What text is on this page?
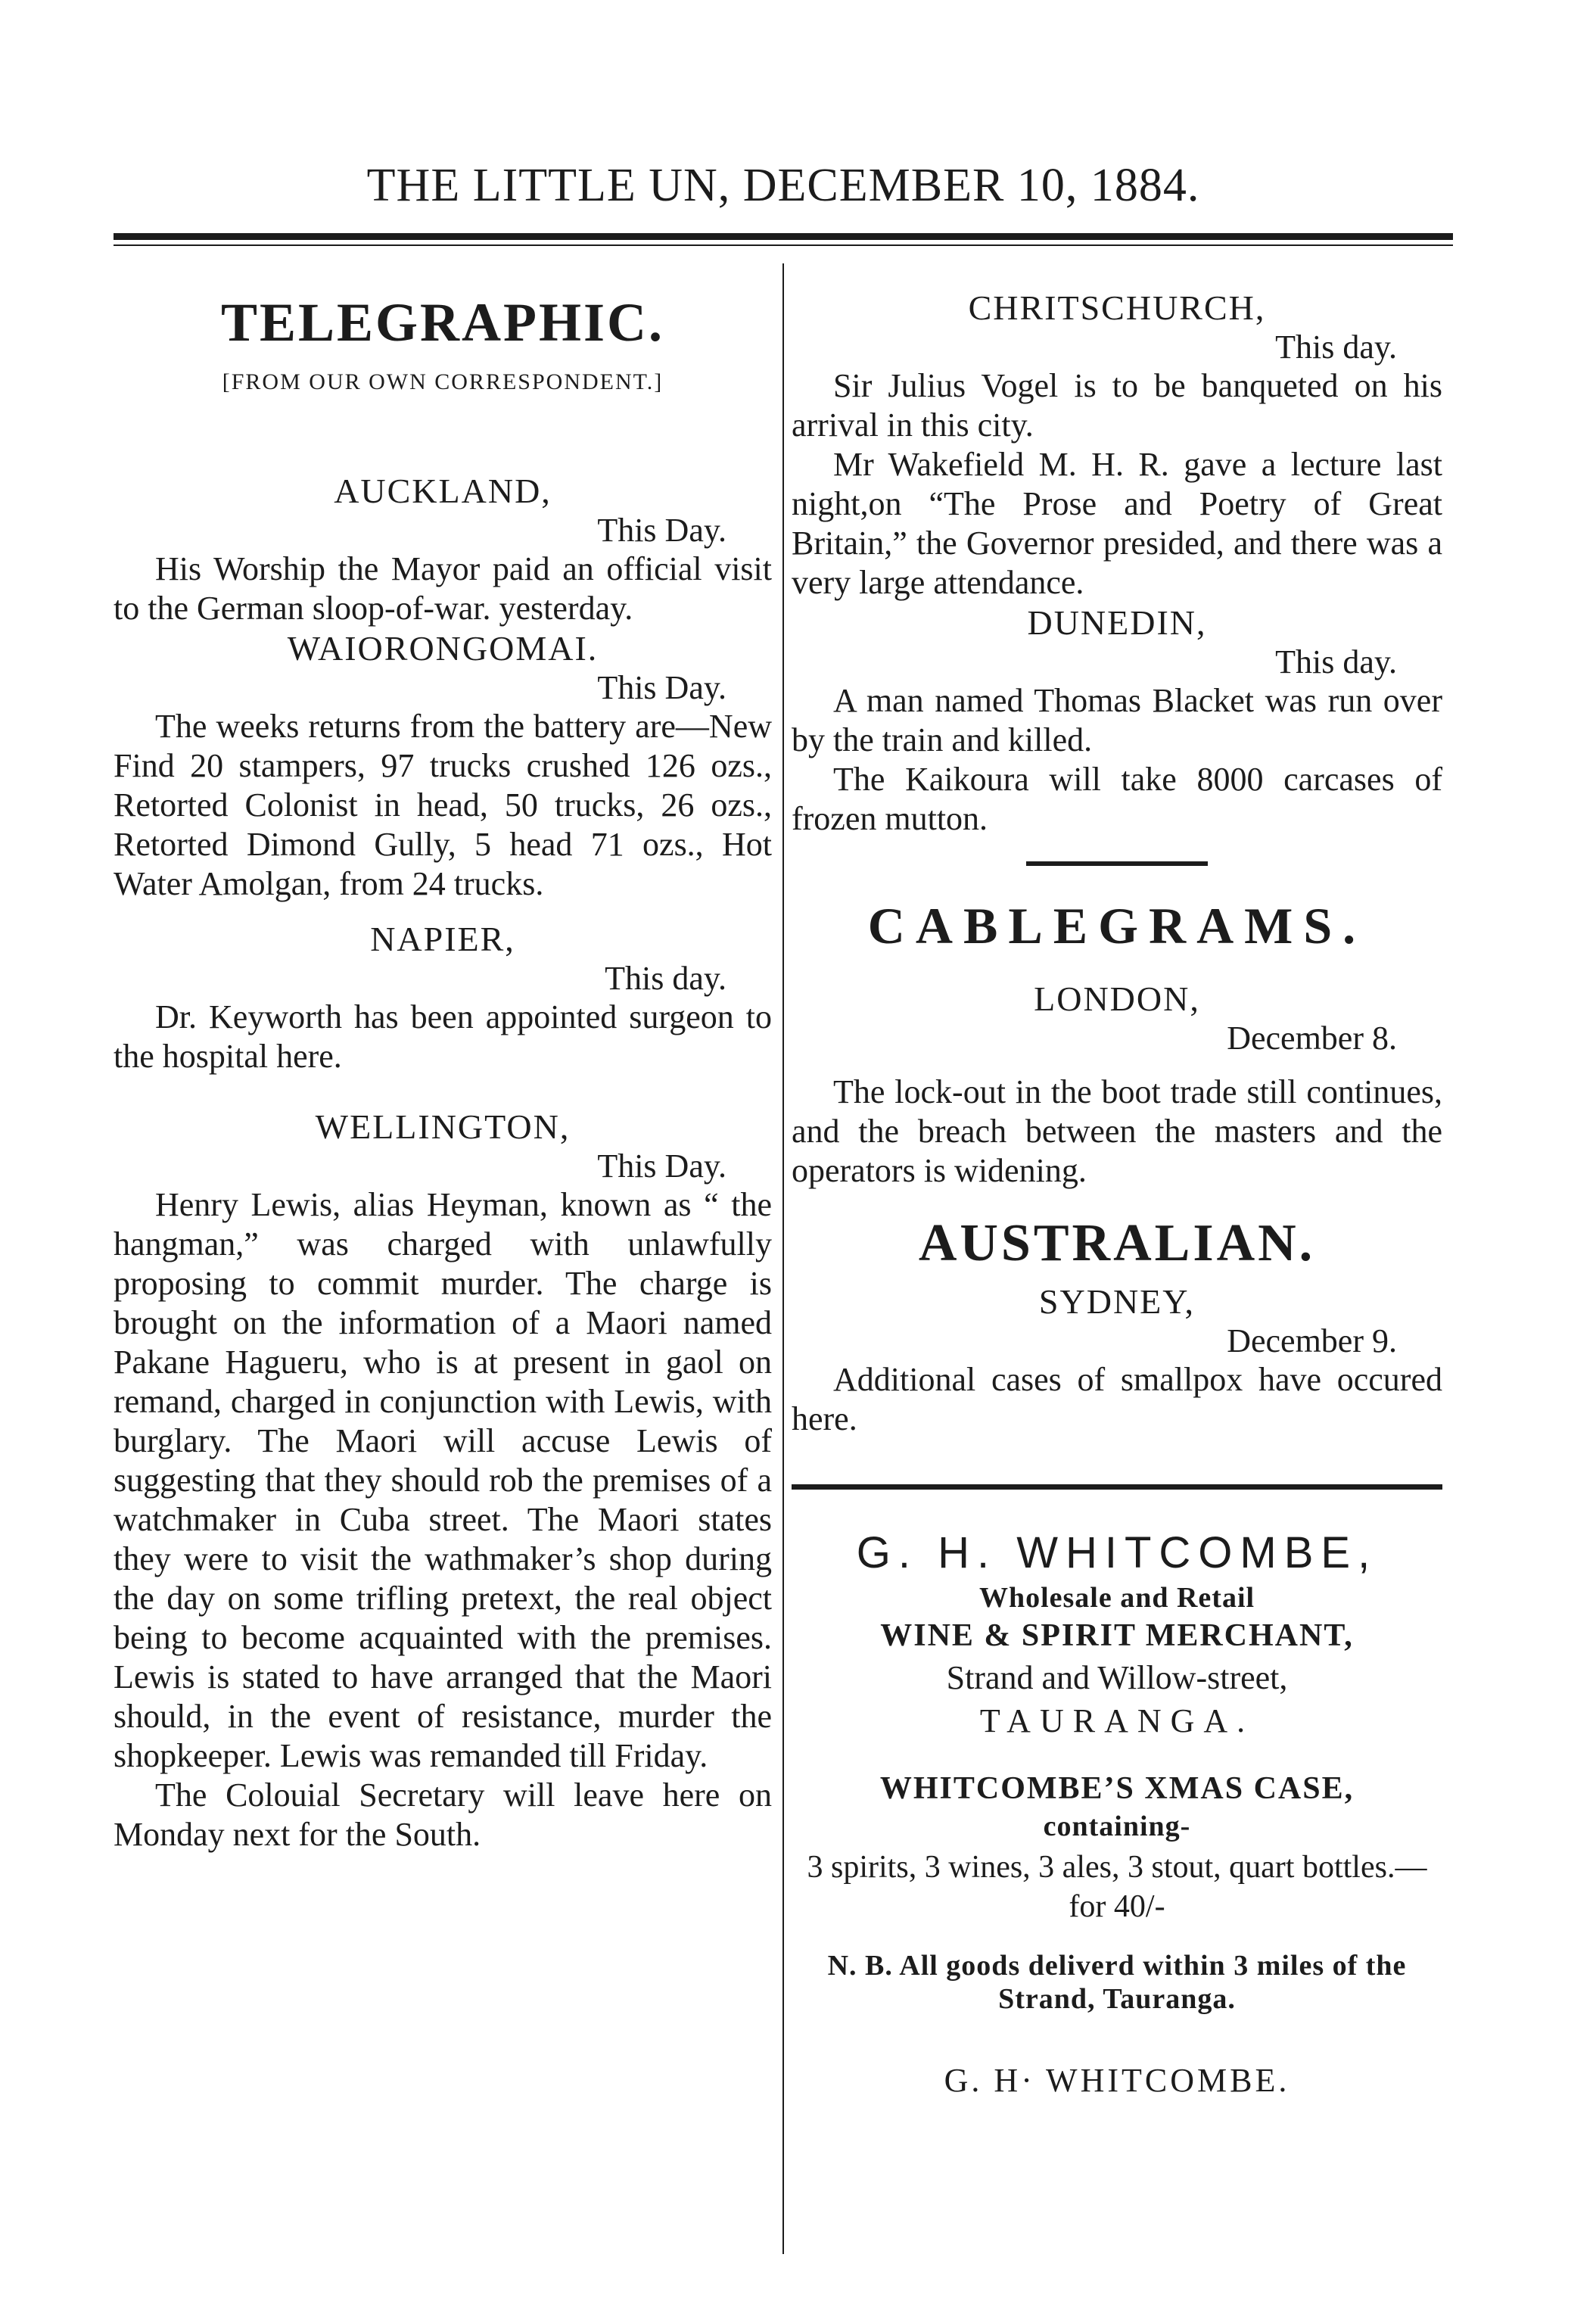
THE LITTLE UN, DECEMBER 10, 1884.
TELEGRAPHIC.
[FROM OUR OWN CORRESPONDENT.]
AUCKLAND,
This Day.

His Worship the Mayor paid an official visit to the German sloop-of-war. yesterday.

WAIORONGOMAI.
This Day.

The weeks returns from the battery are—New Find 20 stampers, 97 trucks crushed 126 ozs., Retorted Colonist in head, 50 trucks, 26 ozs., Retorted Dimond Gully, 5 head 71 ozs., Hot Water Amolgan, from 24 trucks.

NAPIER,
This day.

Dr. Keyworth has been appointed surgeon to the hospital here.

WELLINGTON,
This Day.

Henry Lewis, alias Heyman, known as “ the hangman,” was charged with unlawfully proposing to commit murder. The charge is brought on the information of a Maori named Pakane Hagueru, who is at present in gaol on remand, charged in conjunction with Lewis, with burglary. The Maori will accuse Lewis of suggesting that they should rob the premises of a watchmaker in Cuba street. The Maori states they were to visit the wathmaker’s shop during the day on some trifling pretext, the real object being to become acquainted with the premises. Lewis is stated to have arranged that the Maori should, in the event of resistance, murder the shopkeeper. Lewis was remanded till Friday.

The Colouial Secretary will leave here on Monday next for the South.

CHRITSCHURCH,
This day.

Sir Julius Vogel is to be banqueted on his arrival in this city.

Mr Wakefield M. H. R. gave a lecture last night,on “The Prose and Poetry of Great Britain,” the Governor presided, and there was a very large attendance.

DUNEDIN,
This day.

A man named Thomas Blacket was run over by the train and killed.

The Kaikoura will take 8000 carcases of frozen mutton.

CABLEGRAMS.
LONDON,
December 8.

The lock-out in the boot trade still continues, and the breach between the masters and the operators is widening.

AUSTRALIAN.
SYDNEY,
December 9.

Additional cases of smallpox have occured here.

G. H. WHITCOMBE,
Wholesale and Retail
WINE & SPIRIT MERCHANT,
Strand and Willow-street,
TAURANGA.
WHITCOMBE’S XMAS CASE,
containing-
3 spirits, 3 wines, 3 ales, 3 stout, quart bottles.—for 40/-
N. B. All goods deliverd within 3 miles of the Strand, Tauranga.
G. H· WHITCOMBE.
